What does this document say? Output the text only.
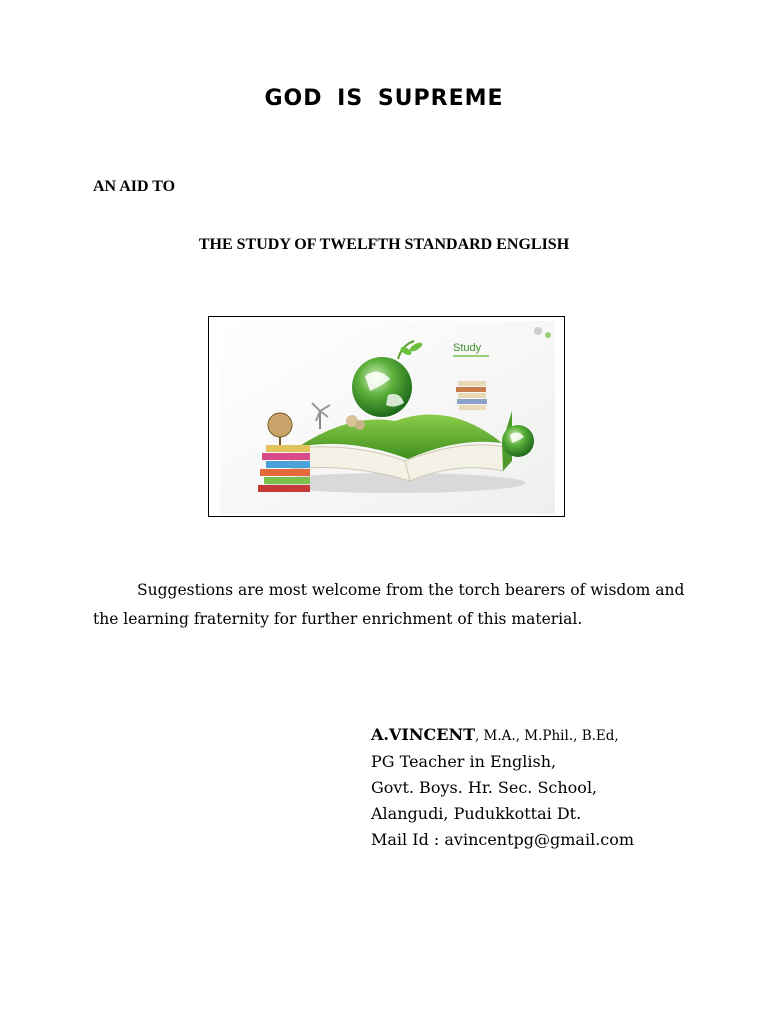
GOD IS SUPREME
AN AID TO
THE STUDY OF TWELFTH STANDARD ENGLISH
Study

Suggestions are most welcome from the torch bearers of wisdom and the learning fraternity for further enrichment of this material.

A.VINCENT, M.A., M.Phil., B.Ed,
PG Teacher in English,
Govt. Boys. Hr. Sec. School,
Alangudi, Pudukkottai Dt.
Mail Id : avincentpg@gmail.com
